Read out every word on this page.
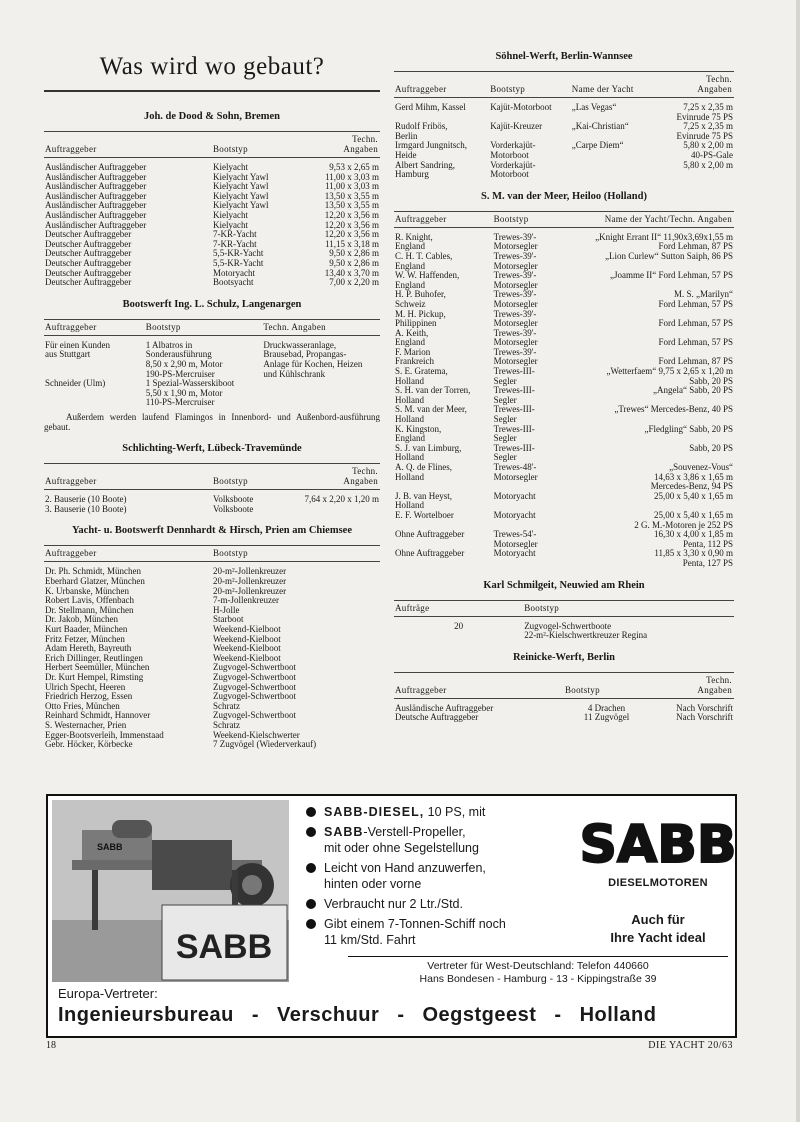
Was wird wo gebaut?
Joh. de Dood & Sohn, Bremen
Auftraggeber	Bootstyp	Techn.
Angaben
Ausländischer Auftraggeber	Kielyacht	9,53 x 2,65 m
Ausländischer Auftraggeber	Kielyacht Yawl	11,00 x 3,03 m
Ausländischer Auftraggeber	Kielyacht Yawl	11,00 x 3,03 m
Ausländischer Auftraggeber	Kielyacht Yawl	13,50 x 3,55 m
Ausländischer Auftraggeber	Kielyacht Yawl	13,50 x 3,55 m
Ausländischer Auftraggeber	Kielyacht	12,20 x 3,56 m
Ausländischer Auftraggeber	Kielyacht	12,20 x 3,56 m
Deutscher Auftraggeber	7-KR-Yacht	12,20 x 3,56 m
Deutscher Auftraggeber	7-KR-Yacht	11,15 x 3,18 m
Deutscher Auftraggeber	5,5-KR-Yacht	9,50 x 2,86 m
Deutscher Auftraggeber	5,5-KR-Yacht	9,50 x 2,86 m
Deutscher Auftraggeber	Motoryacht	13,40 x 3,70 m
Deutscher Auftraggeber	Bootsyacht	7,00 x 2,20 m
Bootswerft Ing. L. Schulz, Langenargen
Auftraggeber	Bootstyp	Techn. Angaben
Für einen Kunden
aus Stuttgart	1 Albatros in
Sonderausführung
8,50 x 2,90 m, Motor
190-PS-Mercruiser	Druckwasseranlage,
Brausebad, Propangas-
Anlage für Kochen, Heizen
und Kühlschrank
Schneider (Ulm)	1 Spezial-Wasserskiboot
5,50 x 1,90 m, Motor
110-PS-Mercruiser	
Außerdem werden laufend Flamingos in Innenbord- und Außenbord-ausführung gebaut.
Schlichting-Werft, Lübeck-Travemünde
Auftraggeber	Bootstyp	Techn.
Angaben
2. Bauserie (10 Boote)	Volksboote	7,64 x 2,20 x 1,20 m
3. Bauserie (10 Boote)	Volksboote	
Yacht- u. Bootswerft Dennhardt & Hirsch, Prien am Chiemsee
Auftraggeber	Bootstyp
Dr. Ph. Schmidt, München	20-m²-Jollenkreuzer
Eberhard Glatzer, München	20-m²-Jollenkreuzer
K. Urbanske, München	20-m²-Jollenkreuzer
Robert Lavis, Offenbach	7-m-Jollenkreuzer
Dr. Stellmann, München	H-Jolle
Dr. Jakob, München	Starboot
Kurt Baader, München	Weekend-Kielboot
Fritz Fetzer, München	Weekend-Kielboot
Adam Hereth, Bayreuth	Weekend-Kielboot
Erich Dillinger, Reutlingen	Weekend-Kielboot
Herbert Seemüller, München	Zugvogel-Schwertboot
Dr. Kurt Hempel, Rimsting	Zugvogel-Schwertboot
Ulrich Specht, Heeren	Zugvogel-Schwertboot
Friedrich Herzog, Essen	Zugvogel-Schwertboot
Otto Fries, München	Schratz
Reinhard Schmidt, Hannover	Zugvogel-Schwertboot
S. Westernacher, Prien	Schratz
Egger-Bootsverleih, Immenstaad	Weekend-Kielschwerter
Gebr. Höcker, Körbecke	7 Zugvögel (Wiederverkauf)
Söhnel-Werft, Berlin-Wannsee
Auftraggeber	Bootstyp	Name der Yacht	Techn.
Angaben
Gerd Mihm, Kassel	Kajüt-Motorboot	„Las Vegas“	7,25 x 2,35 m
Evinrude 75 PS
Rudolf Fribös,
Berlin	Kajüt-Kreuzer	„Kai-Christian“	7,25 x 2,35 m
Evinrude 75 PS
Irmgard Jungnitsch,
Heide	Vorderkajüt-
Motorboot	„Carpe Diem“	5,80 x 2,00 m
40-PS-Gale
Albert Sandring,
Hamburg	Vorderkajüt-
Motorboot		5,80 x 2,00 m
S. M. van der Meer, Heiloo (Holland)
Auftraggeber	Bootstyp	Name der Yacht/Techn. Angaben
R. Knight,
England	Trewes-39'-
Motorsegler	„Knight Errant II“ 11,90x3,69x1,55 m
Ford Lehman, 87 PS
C. H. T. Cables,
England	Trewes-39'-
Motorsegler	„Lion Curlew“ Sutton Saiph, 86 PS
W. W. Haffenden,
England	Trewes-39'-
Motorsegler	„Joamme II“ Ford Lehman, 57 PS
H. P. Buhofer,
Schweiz	Trewes-39'-
Motorsegler	M. S. „Marilyn“
Ford Lehman, 57 PS
M. H. Pickup,
Philippinen	Trewes-39'-
Motorsegler	Ford Lehman, 57 PS
A. Keith,
England	Trewes-39'-
Motorsegler	Ford Lehman, 57 PS
F. Marion
Frankreich	Trewes-39'-
Motorsegler	Ford Lehman, 87 PS
S. E. Gratema,
Holland	Trewes-III-
Segler	„Wetterfaem“ 9,75 x 2,65 x 1,20 m
Sabb, 20 PS
S. H. van der Torren,
Holland	Trewes-III-
Segler	„Angela“ Sabb, 20 PS
S. M. van der Meer,
Holland	Trewes-III-
Segler	„Trewes“ Mercedes-Benz, 40 PS
K. Kingston,
England	Trewes-III-
Segler	„Fledgling“ Sabb, 20 PS
S. J. van Limburg,
Holland	Trewes-III-
Segler	Sabb, 20 PS
A. Q. de Flines,
Holland	Trewes-48'-
Motorsegler	„Souvenez-Vous“
14,63 x 3,86 x 1,65 m
Mercedes-Benz, 94 PS
J. B. van Heyst,
Holland	Motoryacht	25,00 x 5,40 x 1,65 m
E. F. Wortelboer	Motoryacht	25,00 x 5,40 x 1,65 m
2 G. M.-Motoren je 252 PS
Ohne Auftraggeber	Trewes-54'-
Motorsegler	16,30 x 4,00 x 1,85 m
Penta, 112 PS
Ohne Auftraggeber	Motoryacht	11,85 x 3,30 x 0,90 m
Penta, 127 PS
Karl Schmilgeit, Neuwied am Rhein
Aufträge	Bootstyp
20	Zugvogel-Schwertboote
22-m²-Kielschwertkreuzer Regina
Reinicke-Werft, Berlin
Auftraggeber	Bootstyp	Techn.
Angaben
Ausländische Auftraggeber	4 Drachen	Nach Vorschrift
Deutsche Auftraggeber	11 Zugvögel	Nach Vorschrift
SABB
SABB
SABB-DIESEL, 10 PS, mit
SABB-Verstell-Propeller,
mit oder ohne Segelstellung
Leicht von Hand anzuwerfen,
hinten oder vorne
Verbraucht nur 2 Ltr./Std.
Gibt einem 7-Tonnen-Schiff noch
11 km/Std. Fahrt
SABB
DIESELMOTOREN
Auch für
Ihre Yacht ideal
Vertreter für West-Deutschland: Telefon 440660
Hans Bondesen - Hamburg - 13 - Kippingstraße 39
Europa-Vertreter:
Ingenieursbureau - Verschuur - Oegstgeest - Holland
18	DIE YACHT 20/63
